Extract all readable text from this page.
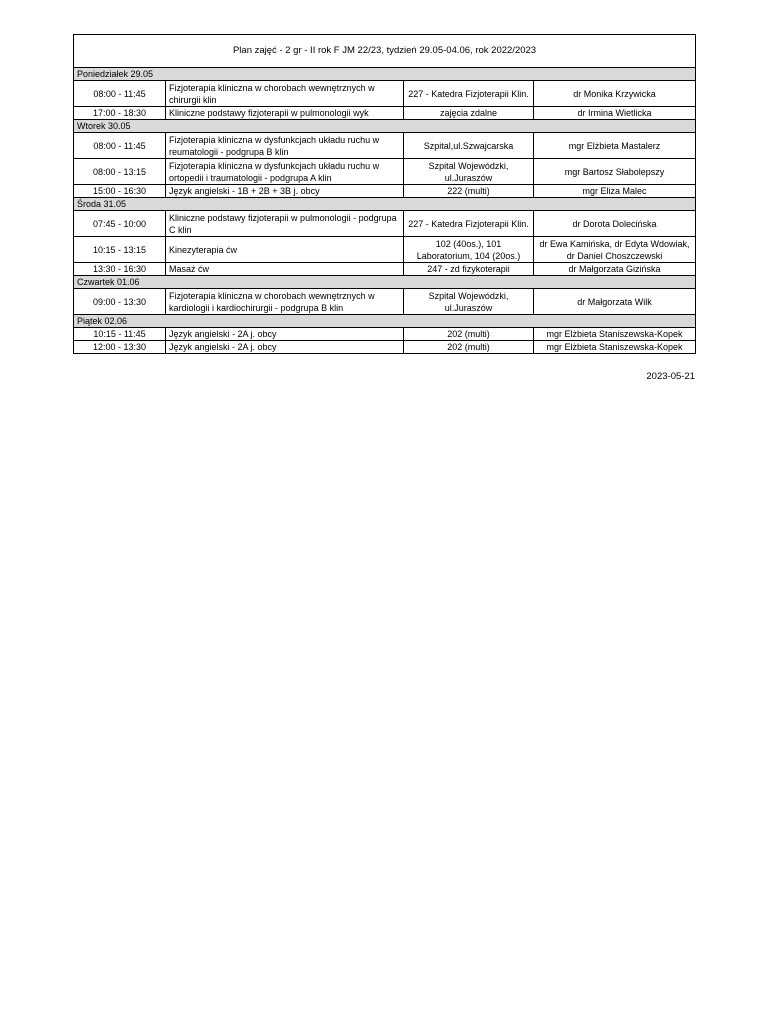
Plan zajęć - 2 gr - II rok F JM 22/23, tydzień 29.05-04.06, rok 2022/2023			
Poniedziałek 29.05			
08:00 - 11:45	Fizjoterapia kliniczna w chorobach wewnętrznych w chirurgii klin	227 - Katedra Fizjoterapii Klin.	dr Monika Krzywicka
17:00 - 18:30	Kliniczne podstawy fizjoterapii w pulmonologii wyk	zajęcia zdalne	dr Irmina Wietlicka
Wtorek 30.05			
08:00 - 11:45	Fizjoterapia kliniczna w dysfunkcjach układu ruchu w reumatologii - podgrupa B klin	Szpital,ul.Szwajcarska	mgr Elżbieta Mastalerz
08:00 - 13:15	Fizjoterapia kliniczna w dysfunkcjach układu ruchu w ortopedii i traumatologii - podgrupa A klin	Szpital Wojewódzki, ul.Juraszów	mgr Bartosz Słabolepszy
15:00 - 16:30	Język angielski - 1B + 2B + 3B j. obcy	222 (multi)	mgr Eliza Malec
Środa 31.05			
07:45 - 10:00	Kliniczne podstawy fizjoterapii w pulmonologii - podgrupa C klin	227 - Katedra Fizjoterapii Klin.	dr Dorota Dolecińska
10:15 - 13:15	Kinezyterapia ćw	102 (40os.), 101 Laboratorium, 104 (20os.)	dr Ewa Kamińska, dr Edyta Wdowiak, dr Daniel Choszczewski
13:30 - 16:30	Masaż ćw	247 - zd fizykoterapii	dr Małgorzata Gizińska
Czwartek 01.06			
09:00 - 13:30	Fizjoterapia kliniczna w chorobach wewnętrznych w kardiologii i kardiochirurgii - podgrupa B klin	Szpital Wojewódzki, ul.Juraszów	dr Małgorzata Wilk
Piątek 02.06			
10:15 - 11:45	Język angielski - 2A j. obcy	202 (multi)	mgr Elżbieta Staniszewska-Kopek
12:00 - 13:30	Język angielski - 2A j. obcy	202 (multi)	mgr Elżbieta Staniszewska-Kopek
2023-05-21
